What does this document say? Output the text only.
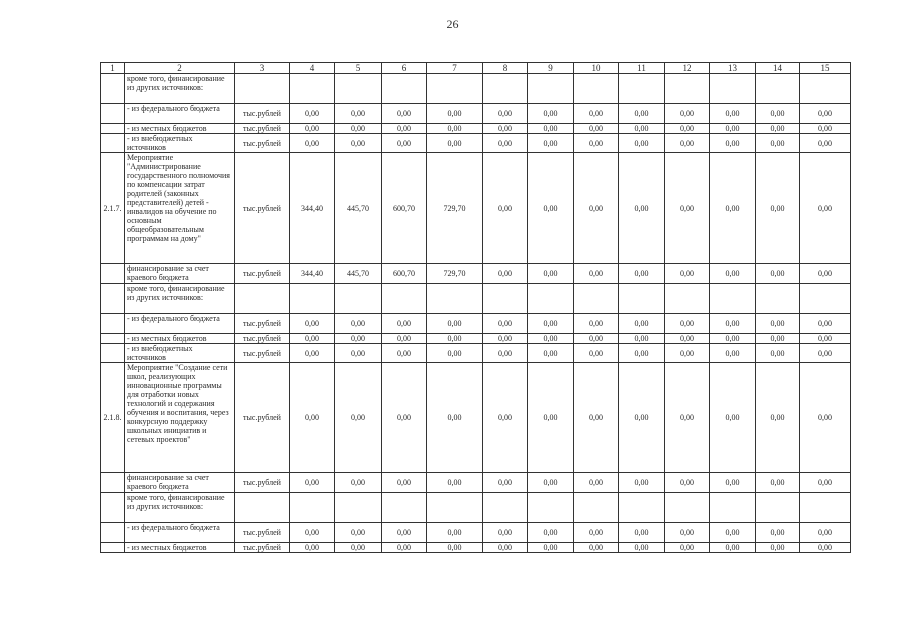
26
1	2	3	4	5	6	7	8	9	10	11	12	13	14	15
	кроме того, финансирование из других источников:													
	- из федерального бюджета	тыс.рублей	0,00	0,00	0,00	0,00	0,00	0,00	0,00	0,00	0,00	0,00	0,00	0,00
	- из местных бюджетов	тыс.рублей	0,00	0,00	0,00	0,00	0,00	0,00	0,00	0,00	0,00	0,00	0,00	0,00
	- из внебюджетных источников	тыс.рублей	0,00	0,00	0,00	0,00	0,00	0,00	0,00	0,00	0,00	0,00	0,00	0,00
2.1.7.	Мероприятие "Администрирование государственного полномочия по компенсации затрат родителей (законных представителей) детей - инвалидов на обучение по основным общеобразовательным программам на дому"	тыс.рублей	344,40	445,70	600,70	729,70	0,00	0,00	0,00	0,00	0,00	0,00	0,00	0,00
	финансирование за счет краевого бюджета	тыс.рублей	344,40	445,70	600,70	729,70	0,00	0,00	0,00	0,00	0,00	0,00	0,00	0,00
	кроме того, финансирование из других источников:													
	- из федерального бюджета	тыс.рублей	0,00	0,00	0,00	0,00	0,00	0,00	0,00	0,00	0,00	0,00	0,00	0,00
	- из местных бюджетов	тыс.рублей	0,00	0,00	0,00	0,00	0,00	0,00	0,00	0,00	0,00	0,00	0,00	0,00
	- из внебюджетных источников	тыс.рублей	0,00	0,00	0,00	0,00	0,00	0,00	0,00	0,00	0,00	0,00	0,00	0,00
2.1.8.	Мероприятие "Создание сети школ, реализующих инновационные программы для отработки новых технологий и содержания обучения и воспитания, через конкурсную поддержку школьных инициатив и сетевых проектов"	тыс.рублей	0,00	0,00	0,00	0,00	0,00	0,00	0,00	0,00	0,00	0,00	0,00	0,00
	финансирование за счет краевого бюджета	тыс.рублей	0,00	0,00	0,00	0,00	0,00	0,00	0,00	0,00	0,00	0,00	0,00	0,00
	кроме того, финансирование из других источников:													
	- из федерального бюджета	тыс.рублей	0,00	0,00	0,00	0,00	0,00	0,00	0,00	0,00	0,00	0,00	0,00	0,00
	- из местных бюджетов	тыс.рублей	0,00	0,00	0,00	0,00	0,00	0,00	0,00	0,00	0,00	0,00	0,00	0,00
